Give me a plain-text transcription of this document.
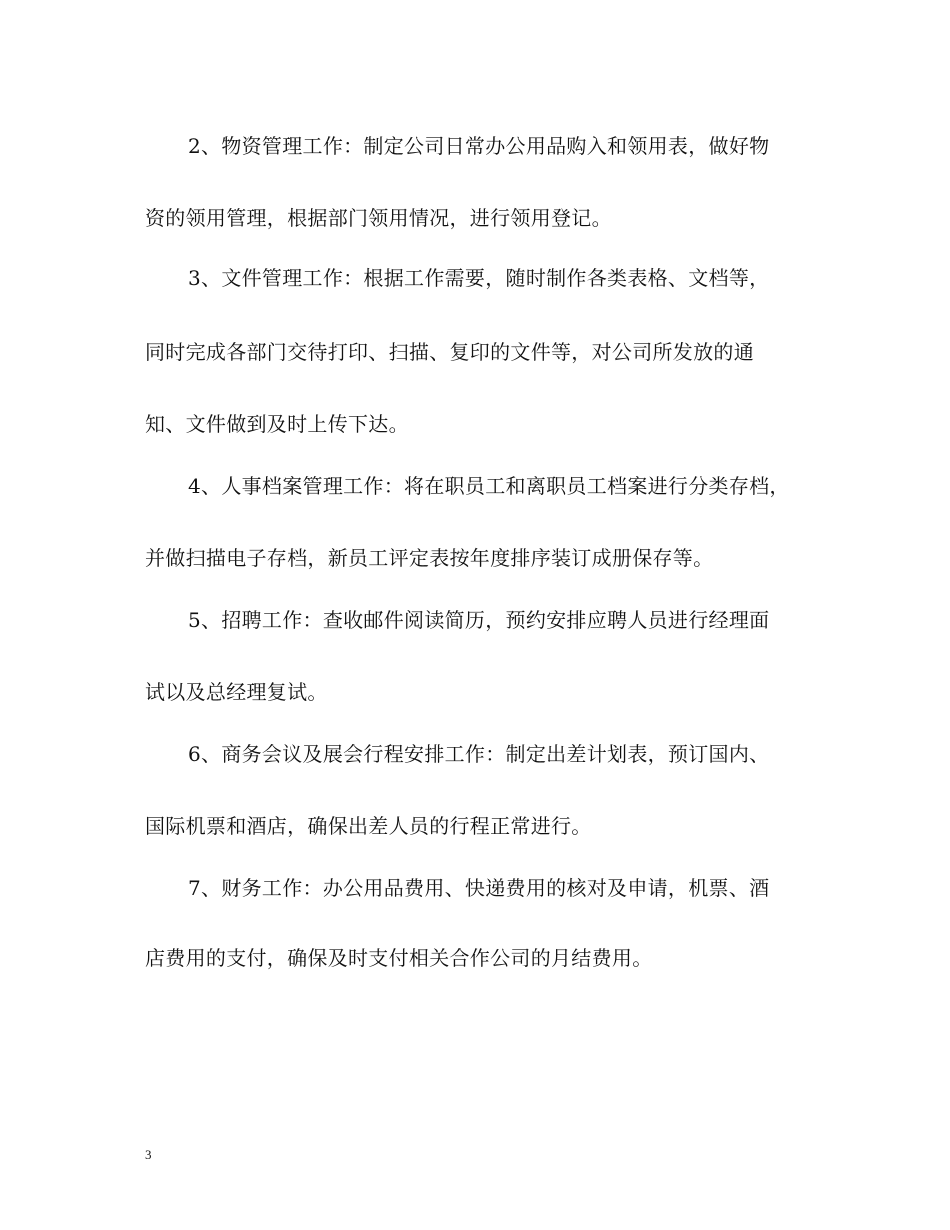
2、物资管理工作：制定公司日常办公用品购入和领用表，做好物
资的领用管理，根据部门领用情况，进行领用登记。
3、文件管理工作：根据工作需要，随时制作各类表格、文档等，
同时完成各部门交待打印、扫描、复印的文件等，对公司所发放的通
知、文件做到及时上传下达。
4、人事档案管理工作：将在职员工和离职员工档案进行分类存档，
并做扫描电子存档，新员工评定表按年度排序装订成册保存等。
5、招聘工作：查收邮件阅读简历，预约安排应聘人员进行经理面
试以及总经理复试。
6、商务会议及展会行程安排工作：制定出差计划表，预订国内、
国际机票和酒店，确保出差人员的行程正常进行。
7、财务工作：办公用品费用、快递费用的核对及申请，机票、酒
店费用的支付，确保及时支付相关合作公司的月结费用。
3
